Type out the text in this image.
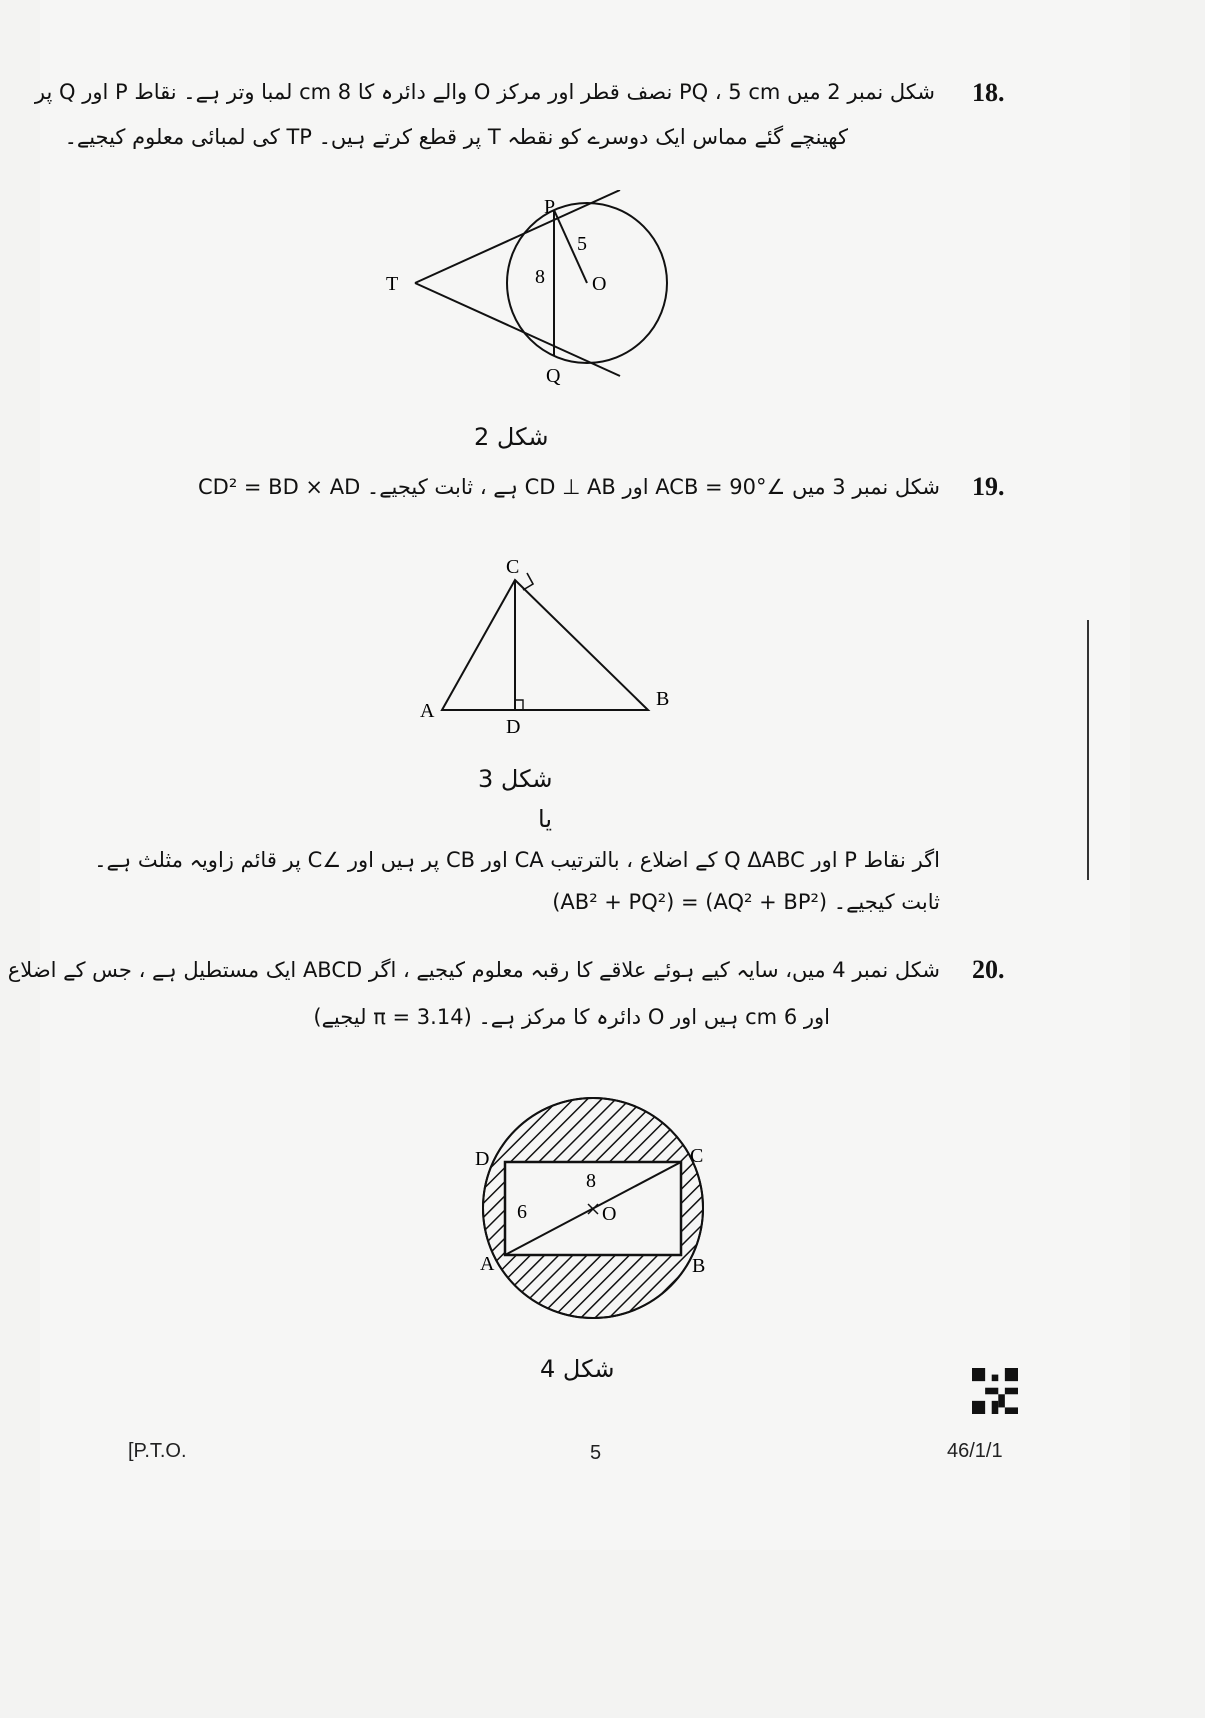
18.
شکل نمبر 2 میں PQ ، 5 cm نصف قطر اور مرکز O والے دائرہ کا 8 cm لمبا وتر ہے۔ نقاط P اور Q پر
کھینچے گئے مماس ایک دوسرے کو نقطہ T پر قطع کرتے ہیں۔ TP کی لمبائی معلوم کیجیے۔
P
Q
T	O
5
8
شکل 2
19.
شکل نمبر 3 میں ∠ACB = 90° اور CD ⊥ AB ہے ، ثابت کیجیے۔ CD² = BD × AD
C
A
B
D
شکل 3
یا
اگر نقاط P اور Q ΔABC کے اضلاع ، بالترتیب CA اور CB پر ہیں اور ∠C پر قائم زاویہ مثلث ہے۔
ثابت کیجیے۔ (AQ² + BP²) = (AB² + PQ²)
20.
شکل نمبر 4 میں، سایہ کیے ہوئے علاقے کا رقبہ معلوم کیجیے ، اگر ABCD ایک مستطیل ہے ، جس کے اضلاع
اور 6 cm ہیں اور O دائرہ کا مرکز ہے۔ (π = 3.14 لیجیے)
D	C
A	B
O
8
6
شکل 4
[P.T.O.	5	46/1/1
